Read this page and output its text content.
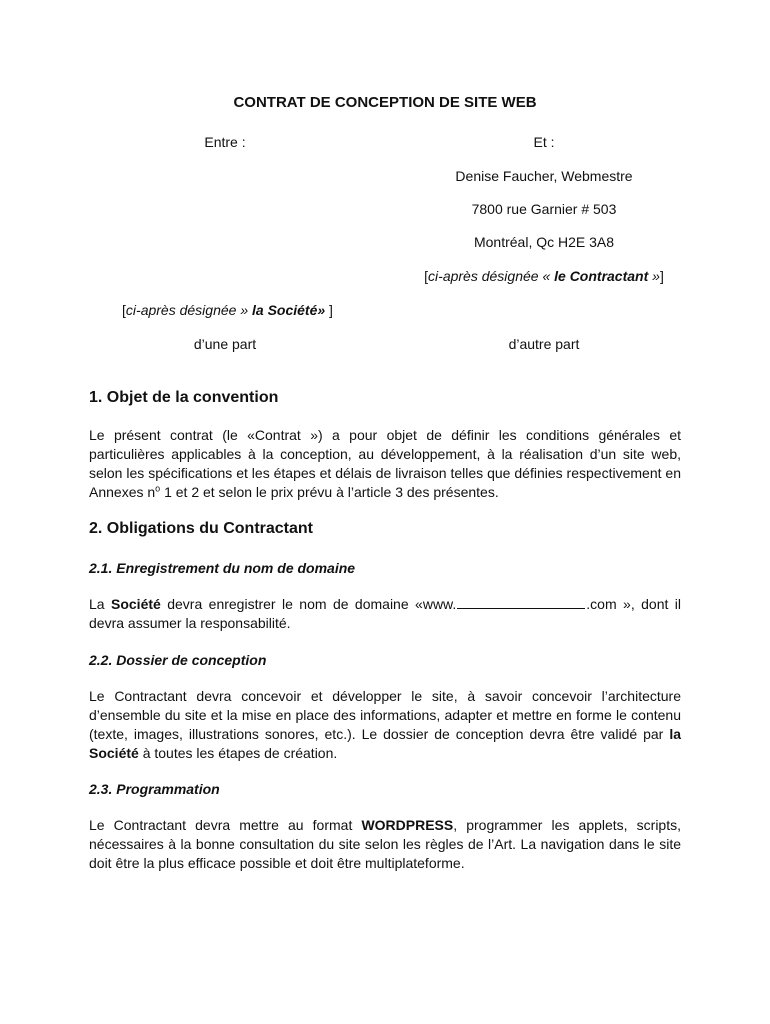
CONTRAT DE CONCEPTION DE SITE WEB
Entre :	Et :
Denise Faucher, Webmestre
7800 rue Garnier # 503
Montréal, Qc H2E 3A8
[ci-après désignée « le Contractant »]
[ci-après désignée » la Société» ]
d’une part	d’autre part
1. Objet de la convention
Le présent contrat (le «Contrat ») a pour objet de définir les conditions générales et particulières applicables à la conception, au développement, à la réalisation d’un site web, selon les spécifications et les étapes et délais de livraison telles que définies respectivement en Annexes $n^o$ 1 et 2 et selon le prix prévu à l’article 3 des présentes.
2. Obligations du Contractant
2.1. Enregistrement du nom de domaine
La Société devra enregistrer le nom de domaine «www.	.com », dont il devra assumer la responsabilité.
2.2. Dossier de conception
Le Contractant devra concevoir et développer le site, à savoir concevoir l’architecture d’ensemble du site et la mise en place des informations, adapter et mettre en forme le contenu (texte, images, illustrations sonores, etc.). Le dossier de conception devra être validé par la Société à toutes les étapes de création.
2.3. Programmation
Le Contractant devra mettre au format WORDPRESS, programmer les applets, scripts, nécessaires à la bonne consultation du site selon les règles de l’Art. La navigation dans le site doit être la plus efficace possible et doit être multiplateforme.
